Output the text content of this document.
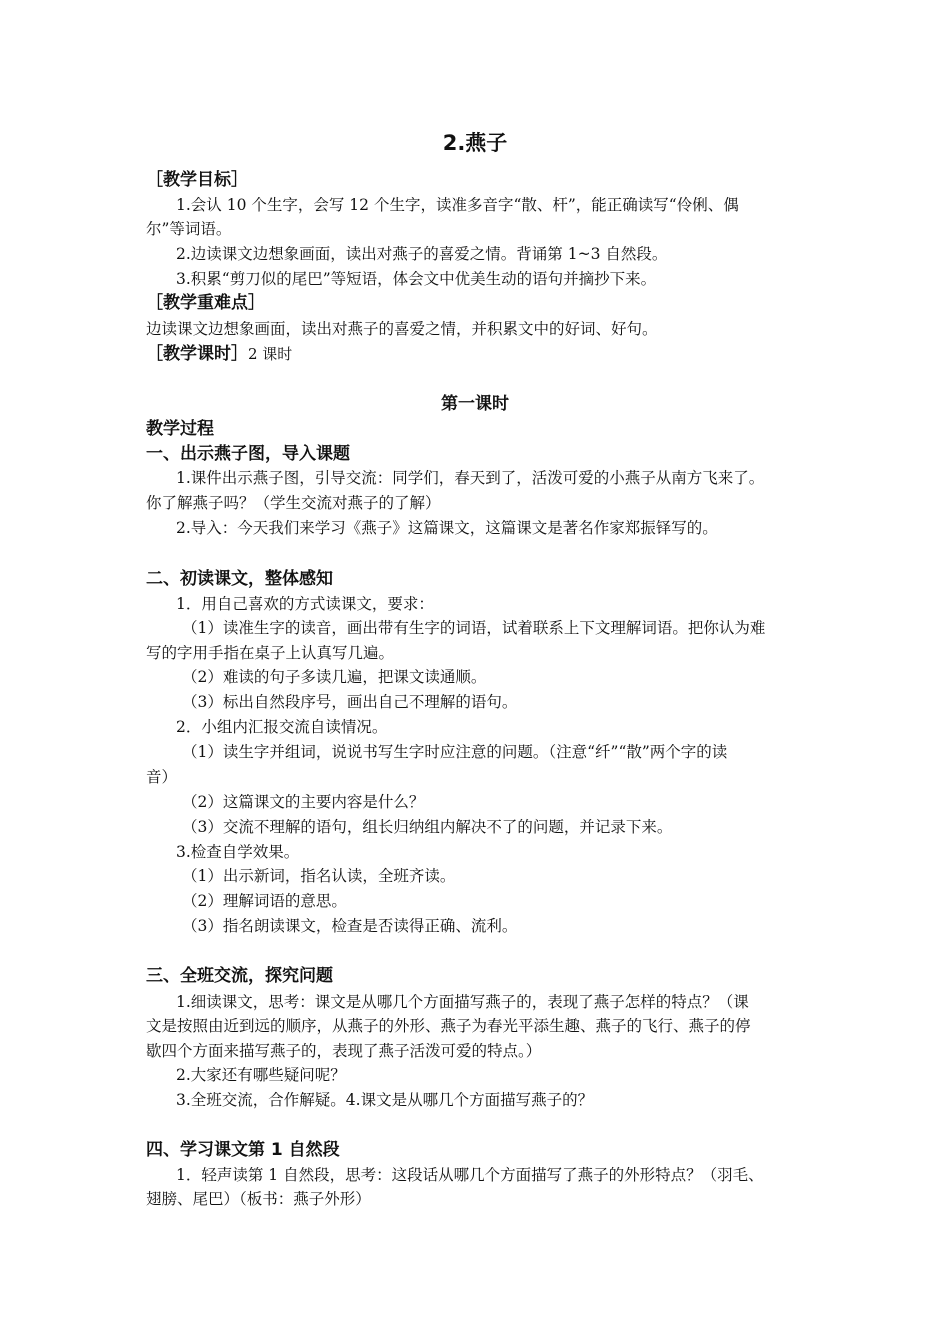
2.燕子
［教学目标］
1.会认 10 个生字，会写 12 个生字，读准多音字“散、杆”，能正确读写“伶俐、偶
尔”等词语。
2.边读课文边想象画面，读出对燕子的喜爱之情。背诵第 1~3 自然段。
3.积累“剪刀似的尾巴”等短语，体会文中优美生动的语句并摘抄下来。
［教学重难点］
边读课文边想象画面，读出对燕子的喜爱之情，并积累文中的好词、好句。
［教学课时］2 课时
第一课时
教学过程
一、出示燕子图，导入课题
1.课件出示燕子图，引导交流：同学们，春天到了，活泼可爱的小燕子从南方飞来了。
你了解燕子吗？（学生交流对燕子的了解）
2.导入：今天我们来学习《燕子》这篇课文，这篇课文是著名作家郑振铎写的。
二、初读课文，整体感知
1．用自己喜欢的方式读课文，要求：
（1）读准生字的读音，画出带有生字的词语，试着联系上下文理解词语。把你认为难
写的字用手指在桌子上认真写几遍。
（2）难读的句子多读几遍，把课文读通顺。
（3）标出自然段序号，画出自己不理解的语句。
2．小组内汇报交流自读情况。
（1）读生字并组词，说说书写生字时应注意的问题。（注意“纤”“散”两个字的读
音）
（2）这篇课文的主要内容是什么？
（3）交流不理解的语句，组长归纳组内解决不了的问题，并记录下来。
3.检查自学效果。
（1）出示新词，指名认读，全班齐读。
（2）理解词语的意思。
（3）指名朗读课文，检查是否读得正确、流利。
三、全班交流，探究问题
1.细读课文，思考：课文是从哪几个方面描写燕子的，表现了燕子怎样的特点？（课
文是按照由近到远的顺序，从燕子的外形、燕子为春光平添生趣、燕子的飞行、燕子的停
歇四个方面来描写燕子的，表现了燕子活泼可爱的特点。）
2.大家还有哪些疑问呢？
3.全班交流，合作解疑。4.课文是从哪几个方面描写燕子的？
四、学习课文第 1 自然段
1．轻声读第 1 自然段，思考：这段话从哪几个方面描写了燕子的外形特点？（羽毛、
翅膀、尾巴）（板书：燕子外形）
